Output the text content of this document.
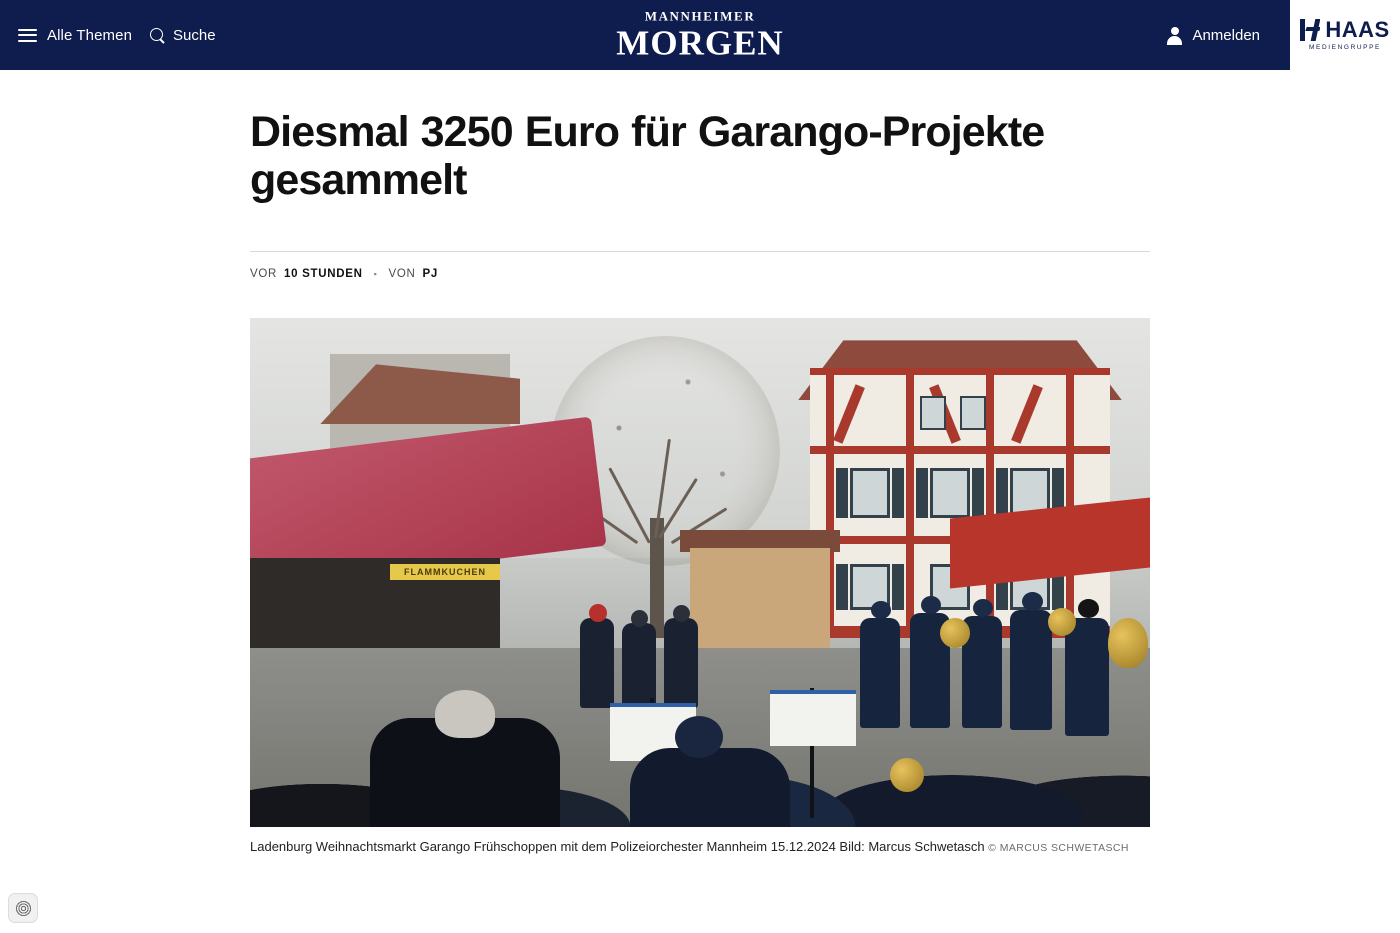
Alle Themen	Suche
MANNHEIMER
MORGEN	Anmelden	HAAS
MEDIENGRUPPE
Diesmal 3250 Euro für Garango-Projekte gesammelt
VOR 10 STUNDEN ▪ VON PJ
FLAMMKUCHEN
Ladenburg Weihnachtsmarkt Garango Frühschoppen mit dem Polizeiorchester Mannheim 15.12.2024 Bild: Marcus Schwetasch © MARCUS SCHWETASCH
